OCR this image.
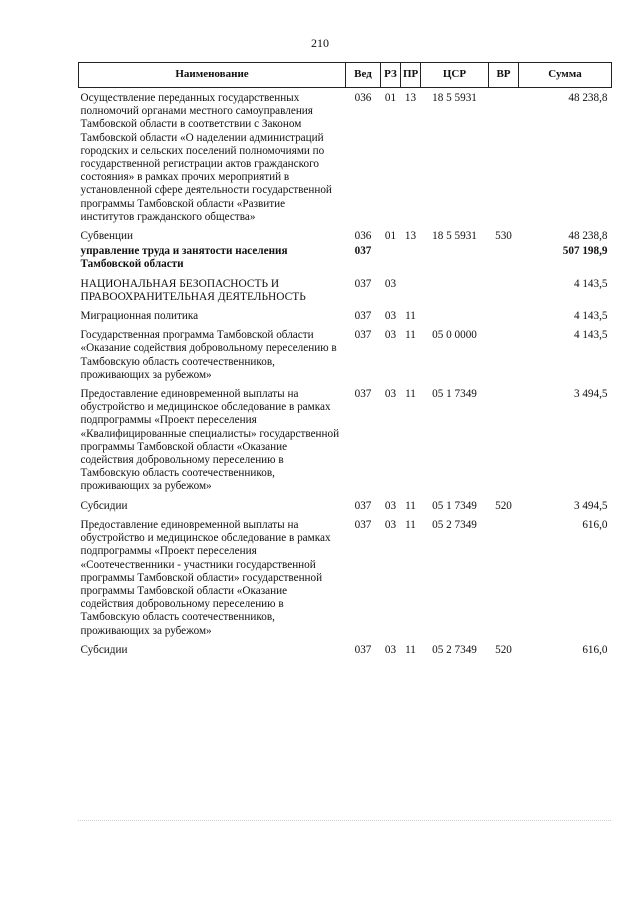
210
Наименование	Вед	РЗ	ПР	ЦСР	ВР	Сумма
Осуществление переданных государственных полномочий органами местного самоуправления Тамбовской области в соответствии с Законом Тамбовской области «О наделении администраций городских и сельских поселений полномочиями по государственной регистрации актов гражданского состояния» в рамках прочих мероприятий в установленной сфере деятельности государственной программы Тамбовской области «Развитие институтов гражданского общества»	036	01	13	18 5 5931		48 238,8
Субвенции	036	01	13	18 5 5931	530	48 238,8
управление труда и занятости населения Тамбовской области	037					507 198,9
НАЦИОНАЛЬНАЯ БЕЗОПАСНОСТЬ И ПРАВООХРАНИТЕЛЬНАЯ ДЕЯТЕЛЬНОСТЬ	037	03				4 143,5
Миграционная политика	037	03	11			4 143,5
Государственная программа Тамбовской области «Оказание содействия добровольному переселению в Тамбовскую область соотечественников, проживающих за рубежом»	037	03	11	05 0 0000		4 143,5
Предоставление единовременной выплаты на обустройство и медицинское обследование в рамках подпрограммы «Проект переселения «Квалифицированные специалисты» государственной программы Тамбовской области «Оказание содействия добровольному переселению в Тамбовскую область соотечественников, проживающих за рубежом»	037	03	11	05 1 7349		3 494,5
Субсидии	037	03	11	05 1 7349	520	3 494,5
Предоставление единовременной выплаты на обустройство и медицинское обследование в рамках подпрограммы «Проект переселения «Соотечественники - участники государственной программы Тамбовской области» государственной программы Тамбовской области «Оказание содействия добровольному переселению в Тамбовскую область соотечественников, проживающих за рубежом»	037	03	11	05 2 7349		616,0
Субсидии	037	03	11	05 2 7349	520	616,0
